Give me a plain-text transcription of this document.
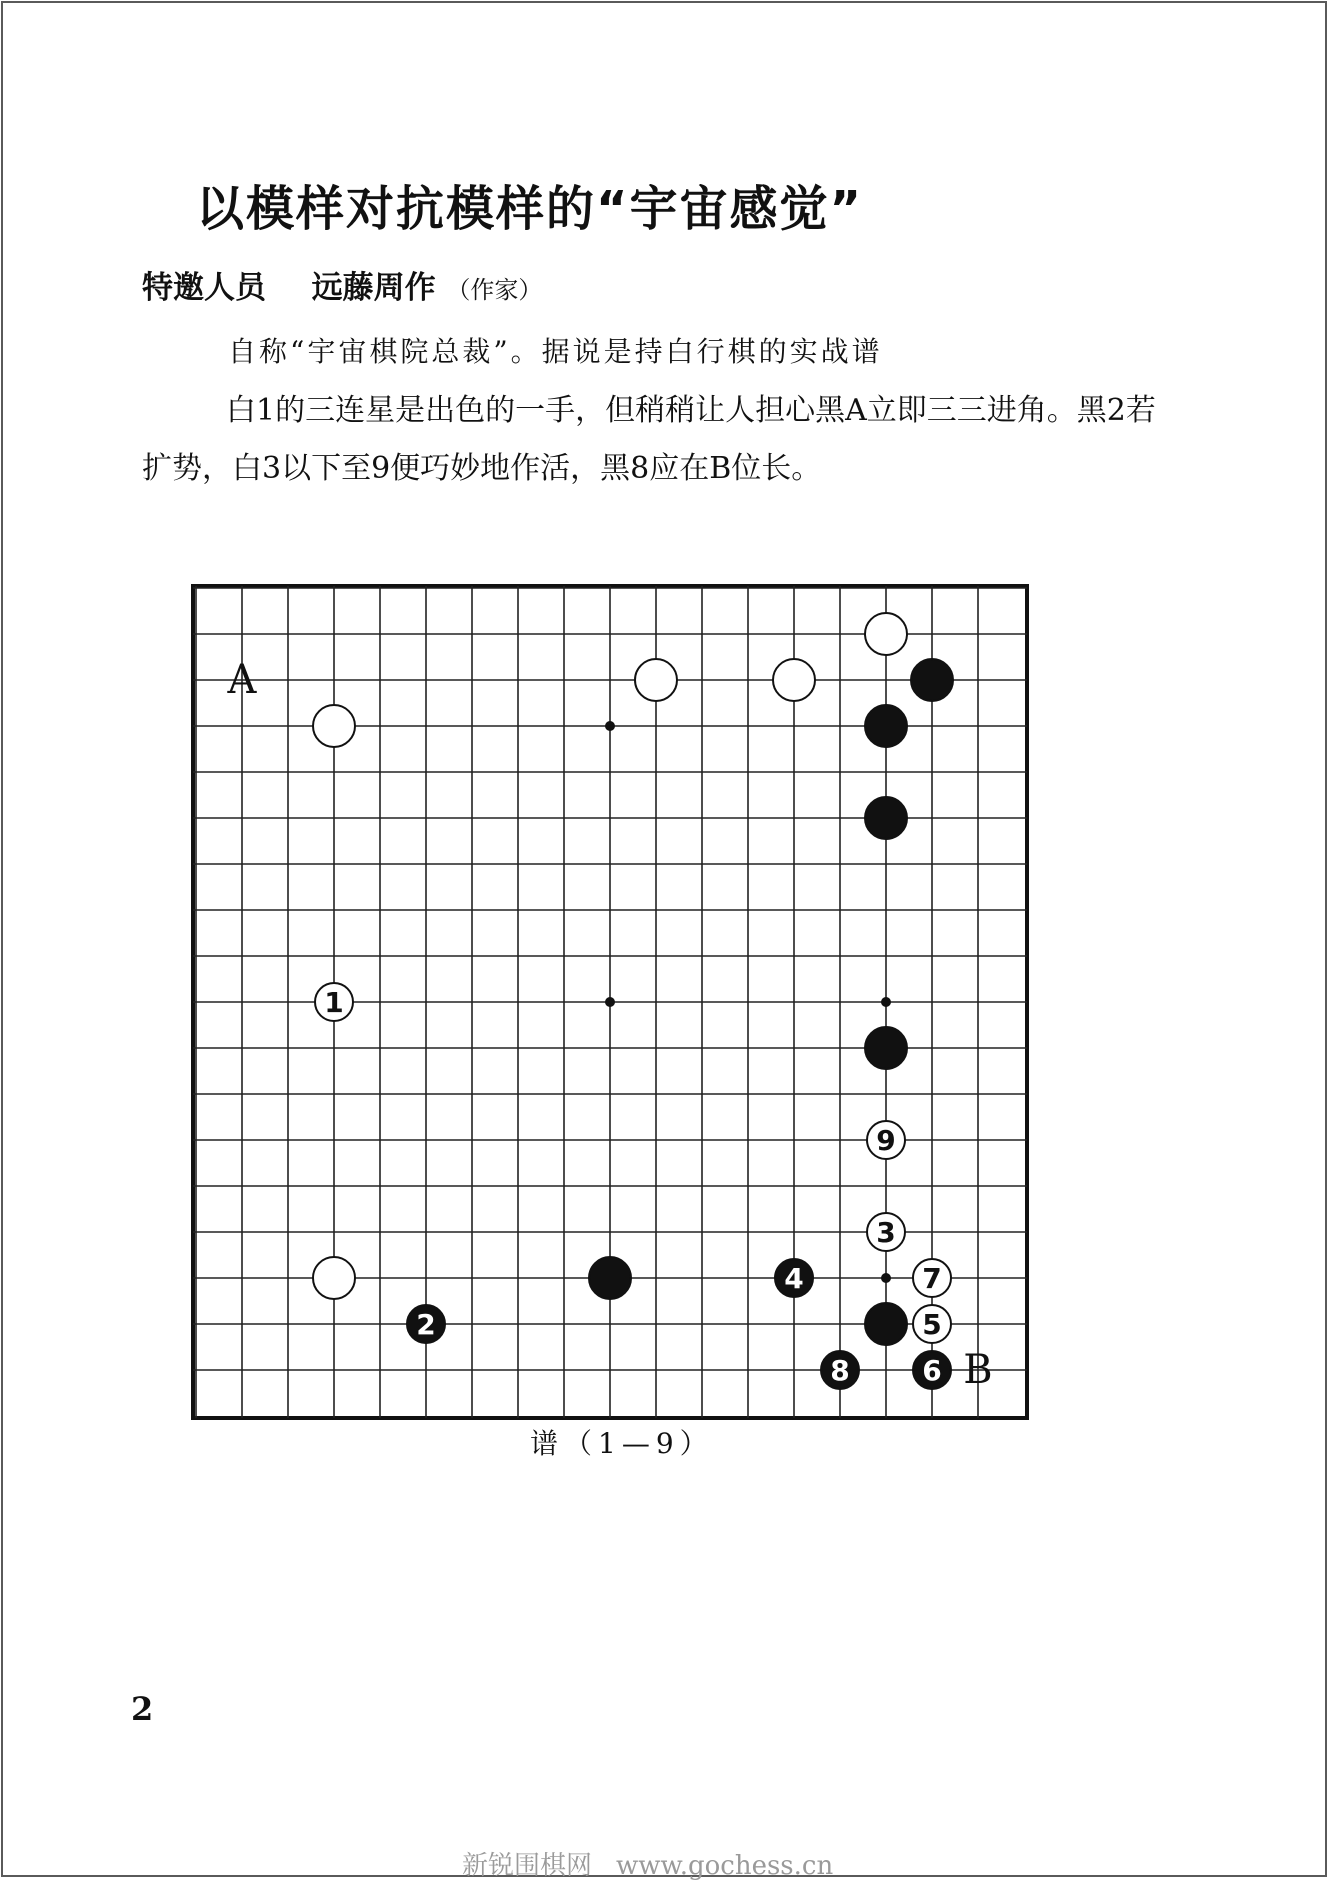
以模样对抗模样的“宇宙感觉”
特邀人员 远藤周作 （作家）
自称“宇宙棋院总裁”。据说是持白行棋的实战谱
白1的三连星是出色的一手，但稍稍让人担心黑A立即三三进角。黑2若扩势，白3以下至9便巧妙地作活，黑8应在B位长。
A
B
1
9
3
4	7
2	5
8	6
谱（1—9）
2
新锐围棋网 www.gochess.cn
